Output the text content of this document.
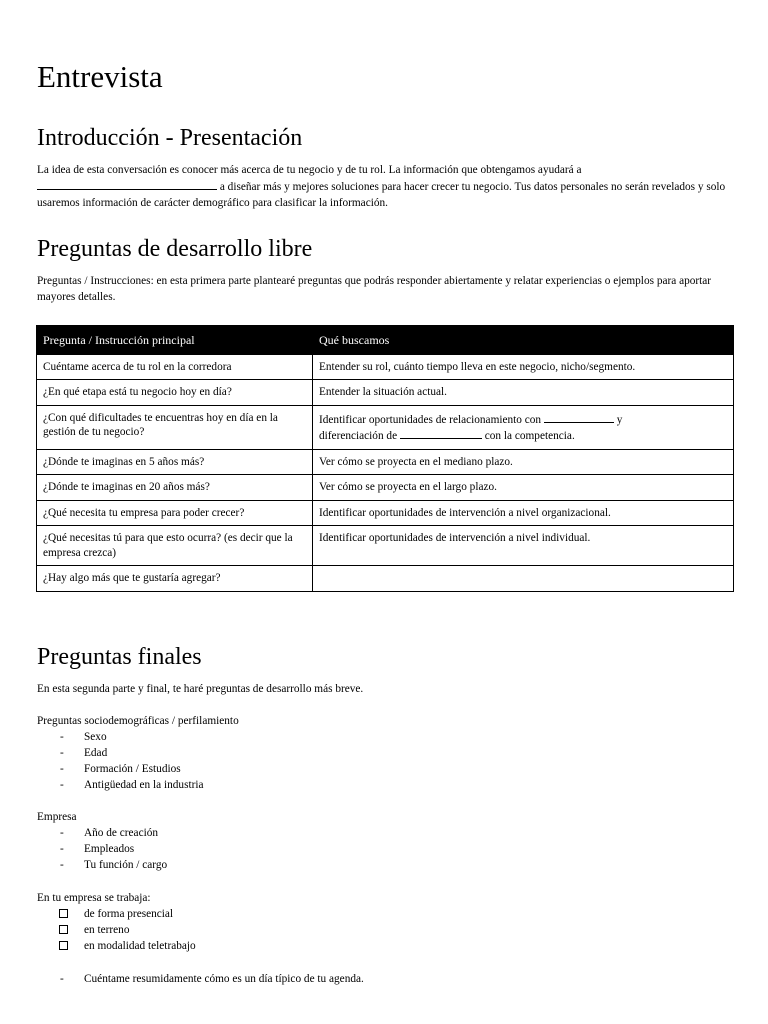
Entrevista
Introducción - Presentación

La idea de esta conversación es conocer más acerca de tu negocio y de tu rol. La información que obtengamos ayudará a
a diseñar más y mejores soluciones para hacer crecer tu negocio. Tus datos personales no serán revelados y solo usaremos información de carácter demográfico para clasificar la información.

Preguntas de desarrollo libre

Preguntas / Instrucciones: en esta primera parte plantearé preguntas que podrás responder abiertamente y relatar experiencias o ejemplos para aportar mayores detalles.

Pregunta / Instrucción principal	Qué buscamos
Cuéntame acerca de tu rol en la corredora	Entender su rol, cuánto tiempo lleva en este negocio, nicho/segmento.
¿En qué etapa está tu negocio hoy en día?	Entender la situación actual.
¿Con qué dificultades te encuentras hoy en día en la gestión de tu negocio?	Identificar oportunidades de relacionamiento con y
diferenciación de con la competencia.
¿Dónde te imaginas en 5 años más?	Ver cómo se proyecta en el mediano plazo.
¿Dónde te imaginas en 20 años más?	Ver cómo se proyecta en el largo plazo.
¿Qué necesita tu empresa para poder crecer?	Identificar oportunidades de intervención a nivel organizacional.
¿Qué necesitas tú para que esto ocurra? (es decir que la empresa crezca)	Identificar oportunidades de intervención a nivel individual.
¿Hay algo más que te gustaría agregar?	
Preguntas finales

En esta segunda parte y final, te haré preguntas de desarrollo más breve.

Preguntas sociodemográficas / perfilamiento

- Sexo
- Edad
- Formación / Estudios
- Antigüedad en la industria

Empresa

- Año de creación
- Empleados
- Tu función / cargo

En tu empresa se trabaja:

de forma presencial
en terreno
en modalidad teletrabajo
- Cuéntame resumidamente cómo es un día típico de tu agenda.
